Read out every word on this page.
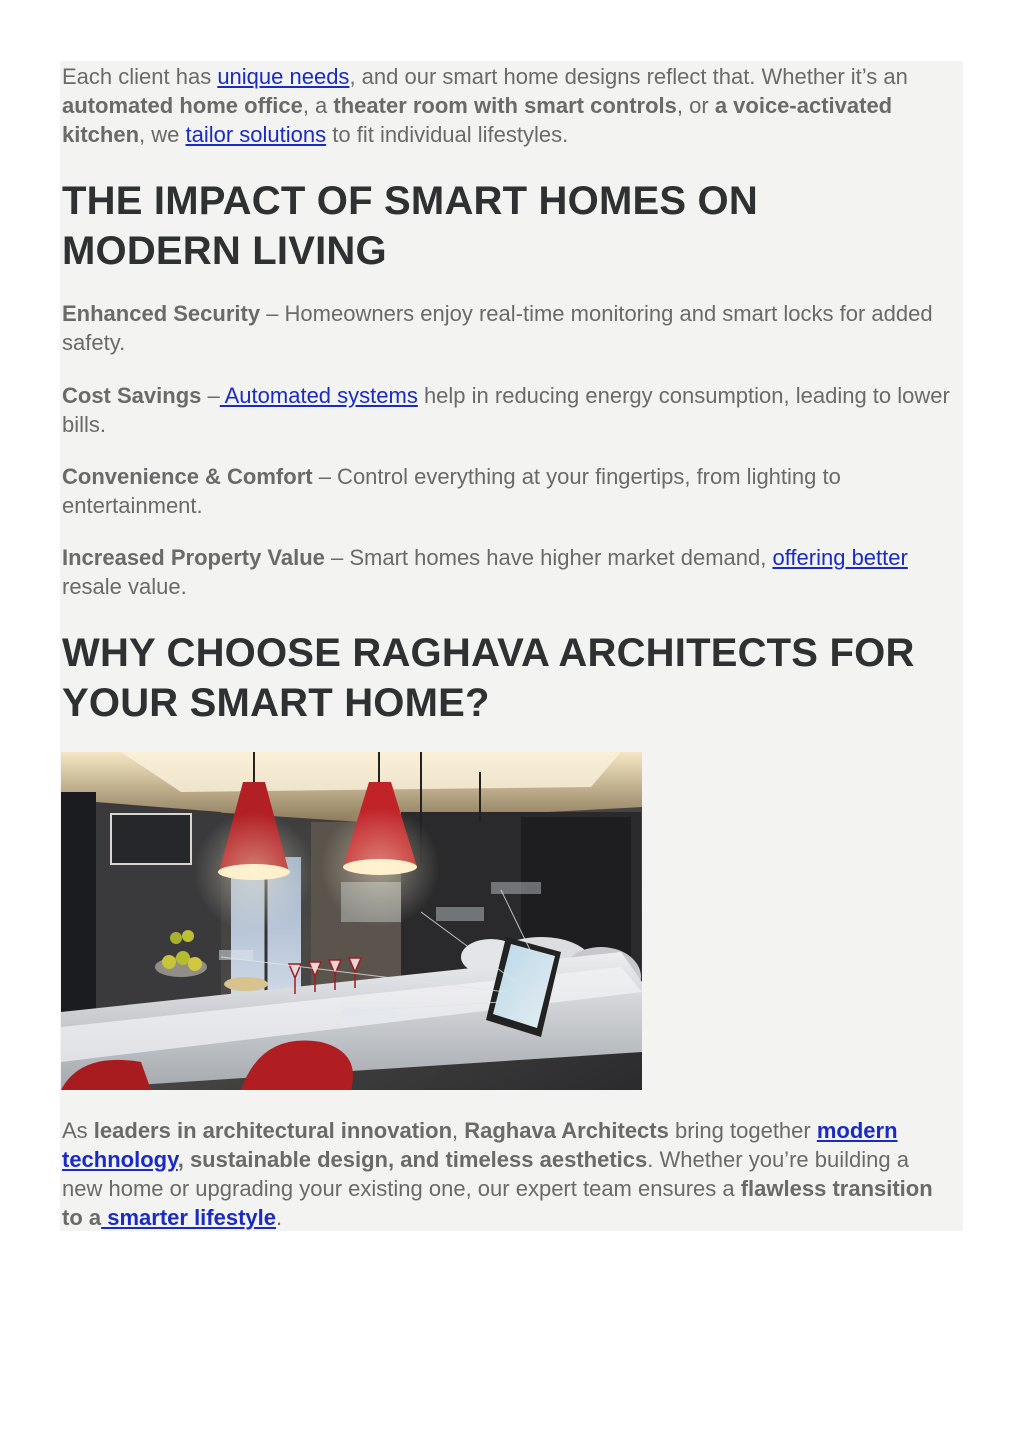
Each client has unique needs, and our smart home designs reflect that. Whether it’s an automated home office, a theater room with smart controls, or a voice-activated kitchen, we tailor solutions to fit individual lifestyles.

THE IMPACT OF SMART HOMES ON
MODERN LIVING

Enhanced Security – Homeowners enjoy real-time monitoring and smart locks for added safety.

Cost Savings – Automated systems help in reducing energy consumption, leading to lower bills.

Convenience & Comfort – Control everything at your fingertips, from lighting to entertainment.

Increased Property Value – Smart homes have higher market demand, offering better resale value.

WHY CHOOSE RAGHAVA ARCHITECTS FOR
YOUR SMART HOME?

As leaders in architectural innovation, Raghava Architects bring together modern technology, sustainable design, and timeless aesthetics. Whether you’re building a new home or upgrading your existing one, our expert team ensures a flawless transition to a smarter lifestyle.
